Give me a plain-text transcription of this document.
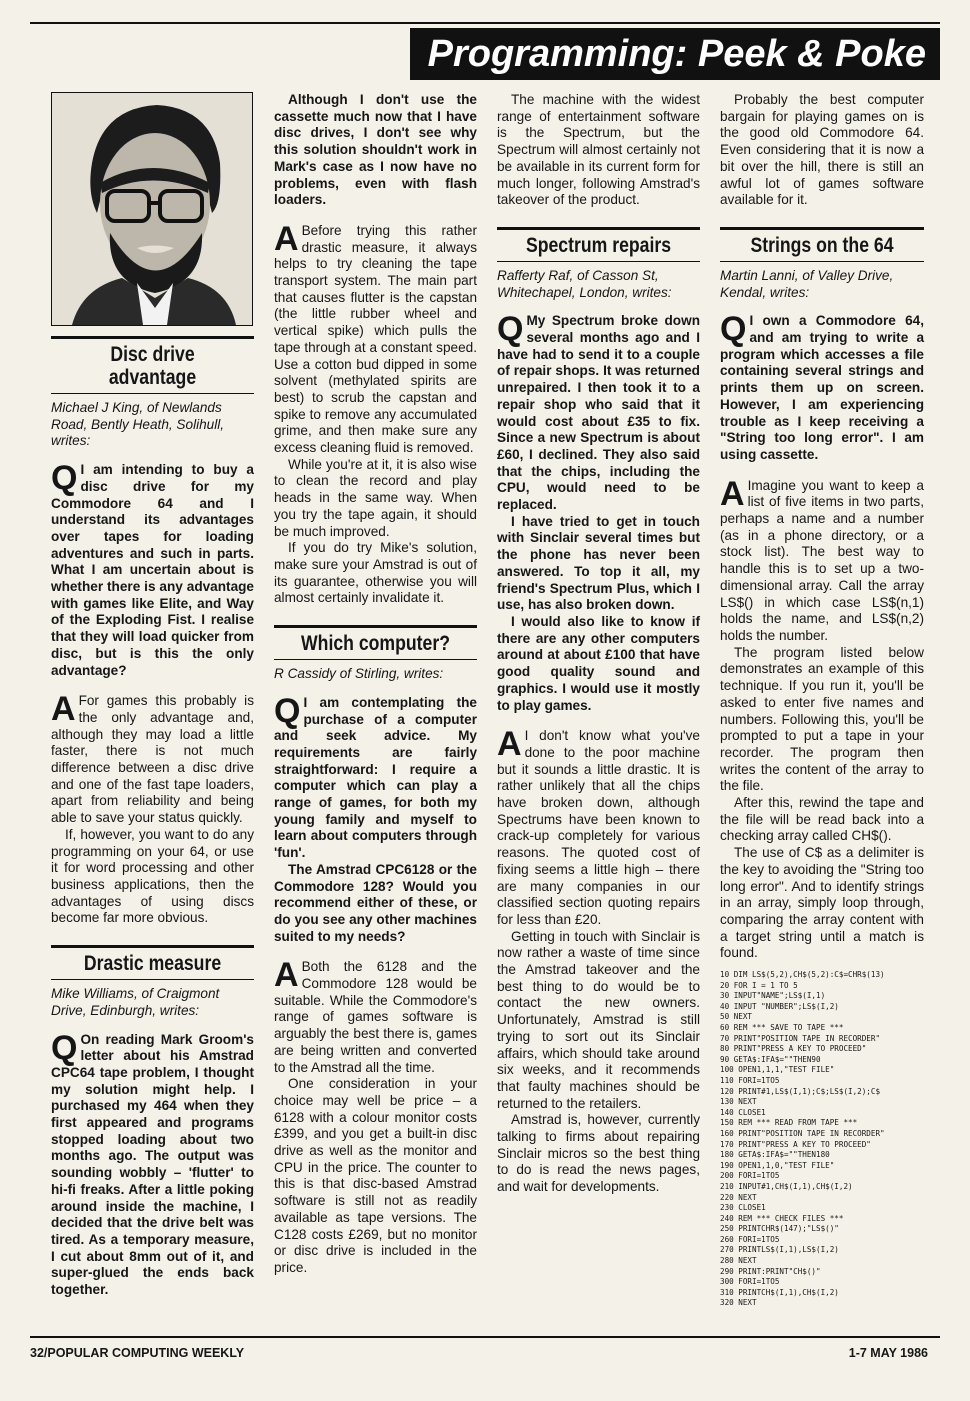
Programming: Peek & Poke
Disc drive advantage

Michael J King, of Newlands Road, Bently Heath, Solihull, writes:

Q I am intending to buy a disc drive for my Commodore 64 and I understand its advantages over tapes for loading adventures and such in parts. What I am uncertain about is whether there is any advantage with games like Elite, and Way of the Exploding Fist. I realise that they will load quicker from disc, but is this the only advantage?

A For games this probably is the only advantage and, although they may load a little faster, there is not much difference between a disc drive and one of the fast tape loaders, apart from reliability and being able to save your status quickly.

If, however, you want to do any programming on your 64, or use it for word processing and other business applications, then the advantages of using discs become far more obvious.

Drastic measure

Mike Williams, of Craigmont Drive, Edinburgh, writes:

Q On reading Mark Groom's letter about his Amstrad CPC64 tape problem, I thought my solution might help. I purchased my 464 when they first appeared and programs stopped loading about two months ago. The output was sounding wobbly – 'flutter' to hi-fi freaks. After a little poking around inside the machine, I decided that the drive belt was tired. As a temporary measure, I cut about 8mm out of it, and super-glued the ends back together.

Although I don't use the cassette much now that I have disc drives, I don't see why this solution shouldn't work in Mark's case as I now have no problems, even with flash loaders.

A Before trying this rather drastic measure, it always helps to try cleaning the tape transport system. The main part that causes flutter is the capstan (the little rubber wheel and vertical spike) which pulls the tape through at a constant speed. Use a cotton bud dipped in some solvent (methylated spirits are best) to scrub the capstan and spike to remove any accumulated grime, and then make sure any excess cleaning fluid is removed.

While you're at it, it is also wise to clean the record and play heads in the same way. When you try the tape again, it should be much improved.

If you do try Mike's solution, make sure your Amstrad is out of its guarantee, otherwise you will almost certainly invalidate it.

Which computer?

R Cassidy of Stirling, writes:

Q I am contemplating the purchase of a computer and seek advice. My requirements are fairly straightforward: I require a computer which can play a range of games, for both my young family and myself to learn about computers through 'fun'.

The Amstrad CPC6128 or the Commodore 128? Would you recommend either of these, or do you see any other machines suited to my needs?

A Both the 6128 and the Commodore 128 would be suitable. While the Commodore's range of games software is arguably the best there is, games are being written and converted to the Amstrad all the time.

One consideration in your choice may well be price – a 6128 with a colour monitor costs £399, and you get a built-in disc drive as well as the monitor and CPU in the price. The counter to this is that disc-based Amstrad software is still not as readily available as tape versions. The C128 costs £269, but no monitor or disc drive is included in the price.

The machine with the widest range of entertainment software is the Spectrum, but the Spectrum will almost certainly not be available in its current form for much longer, following Amstrad's takeover of the product.

Spectrum repairs

Rafferty Raf, of Casson St, Whitechapel, London, writes:

Q My Spectrum broke down several months ago and I have had to send it to a couple of repair shops. It was returned unrepaired. I then took it to a repair shop who said that it would cost about £35 to fix. Since a new Spectrum is about £60, I declined. They also said that the chips, including the CPU, would need to be replaced.

I have tried to get in touch with Sinclair several times but the phone has never been answered. To top it all, my friend's Spectrum Plus, which I use, has also broken down.

I would also like to know if there are any other computers around at about £100 that have good quality sound and graphics. I would use it mostly to play games.

A I don't know what you've done to the poor machine but it sounds a little drastic. It is rather unlikely that all the chips have broken down, although Spectrums have been known to crack-up completely for various reasons. The quoted cost of fixing seems a little high – there are many companies in our classified section quoting repairs for less than £20.

Getting in touch with Sinclair is now rather a waste of time since the Amstrad takeover and the best thing to do would be to contact the new owners. Unfortunately, Amstrad is still trying to sort out its Sinclair affairs, which should take around six weeks, and it recommends that faulty machines should be returned to the retailers.

Amstrad is, however, currently talking to firms about repairing Sinclair micros so the best thing to do is read the news pages, and wait for developments.

Probably the best computer bargain for playing games on is the good old Commodore 64. Even considering that it is now a bit over the hill, there is still an awful lot of games software available for it.

Strings on the 64

Martin Lanni, of Valley Drive, Kendal, writes:

Q I own a Commodore 64, and am trying to write a program which accesses a file containing several strings and prints them up on screen. However, I am experiencing trouble as I keep receiving a "String too long error". I am using cassette.

A Imagine you want to keep a list of five items in two parts, perhaps a name and a number (as in a phone directory, or a stock list). The best way to handle this is to set up a two-dimensional array. Call the array LS$() in which case LS$(n,1) holds the name, and LS$(n,2) holds the number.

The program listed below demonstrates an example of this technique. If you run it, you'll be asked to enter five names and numbers. Following this, you'll be prompted to put a tape in your recorder. The program then writes the content of the array to the file.

After this, rewind the tape and the file will be read back into a checking array called CH$().

The use of C$ as a delimiter is the key to avoiding the "String too long error". And to identify strings in an array, simply loop through, comparing the array content with a target string until a match is found.

10 DIM LS$(5,2),CH$(5,2):C$=CHR$(13)
20 FOR I = 1 TO 5
30 INPUT"NAME";LS$(I,1)
40 INPUT "NUMBER";LS$(I,2)
50 NEXT
60 REM *** SAVE TO TAPE ***
70 PRINT"POSITION TAPE IN RECORDER"
80 PRINT"PRESS A KEY TO PROCEED"
90 GETA$:IFA$=""THEN90
100 OPEN1,1,1,"TEST FILE"
110 FORI=1TO5
120 PRINT#1,LS$(I,1);C$;LS$(I,2);C$
130 NEXT
140 CLOSE1
150 REM *** READ FROM TAPE ***
160 PRINT"POSITION TAPE IN RECORDER"
170 PRINT"PRESS A KEY TO PROCEED"
180 GETA$:IFA$=""THEN180
190 OPEN1,1,0,"TEST FILE"
200 FORI=1TO5
210 INPUT#1,CH$(I,1),CH$(I,2)
220 NEXT
230 CLOSE1
240 REM *** CHECK FILES ***
250 PRINTCHR$(147);"LS$()"
260 FORI=1TO5
270 PRINTLS$(I,1),LS$(I,2)
280 NEXT
290 PRINT:PRINT"CH$()"
300 FORI=1TO5
310 PRINTCH$(I,1),CH$(I,2)
320 NEXT
32/POPULAR COMPUTING WEEKLY	1-7 MAY 1986
